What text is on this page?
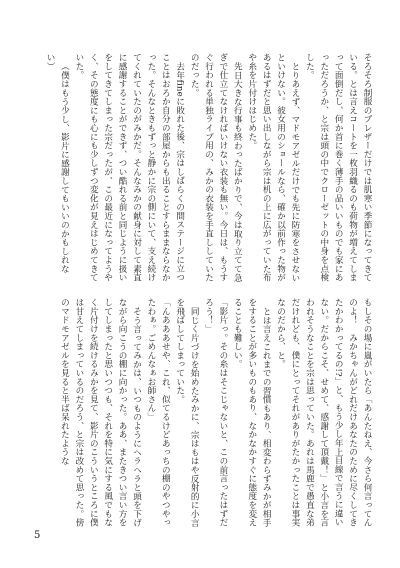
そろそろ制服のブレザーだけでは肌寒い季節になってきている。とは言えコートを一枚羽織るのも荷物が増えてしまって面倒だし、何か首に巻く薄手の品いいものでも家にあっただろうか、と宗は頭の中でクローゼットの中身を点検した。

とりあえず、マドモアゼルだけでも先に防寒をさせないといけない。彼女用のショールなら、確か以前作った物があるはずだと思い出しながら宗は机の上に広がっていた布や糸を片付けはじめた。

先日大きな行事も終わったばかりで、今は取り立てて急ぎで仕立てなければいけない衣装も無い。今日は、もうすぐ行われる単独ライブ用の、みかの衣装を手直ししていたのだった。

去年fineに敗れた後、宗はしばらくの間ステージに立つことはおろか自分の部屋からも出ることすらままならなかった。そんなときもずっと静かに宗の側にいて、支え続けてくれていたのがみかだ。そんなみかの献身に対して素直に感謝することができず、つい酷れる前と同じように扱いをしてきてしまった宗だったが、この最近になってようやく、その態度にも心にも少しずつ変化が見えはじめてきていた。

（僕はもう少し、影片に感謝してもいいのかもしれない）

もしその場に嵐がいたら「あんたねえ、今さら何言ってんのよ！　みかちゃんがどれだけあなたのために尽くしてきたかわかってるの!?」と、もう少し年上目線で言うに違いない。だからこそ、せめて、感謝して頂戴！」と小言を言われそうなことを宗は思っていた。あれは馬鹿で愚直な弟だけれども、僕にとってそれがありがたかったことは事実なのだから、と。

とは言えこれまでの習慣もあり、相変わらずみかが相手をすることが多いものもあり、なかなかすぐに態度を変えることも難しい。

「影片っ。その糸はそこじゃないと、この前言ったはずだろう！」

同じく片づけを始めたみかに、宗はもはや反射的に小言を飛ばしてしまっていた。

「んあああせや、これ、似てるけどあっちの棚のやつやったわぁ。ごめんなぁお師さん」

そう言ってみかは、いつものようにヘラヘラと頭を下げながら向こうの棚に向かった。ああ、またきつい言い方をしてしまったと思いつつも、それを特に気にする風でもなく片付けを続けるみかを見て、影片のこういうところに僕は甘えてしまっているのだろう、と宗は改めて思った。傍のマドモアゼルを見ると半ば呆れたような

5
